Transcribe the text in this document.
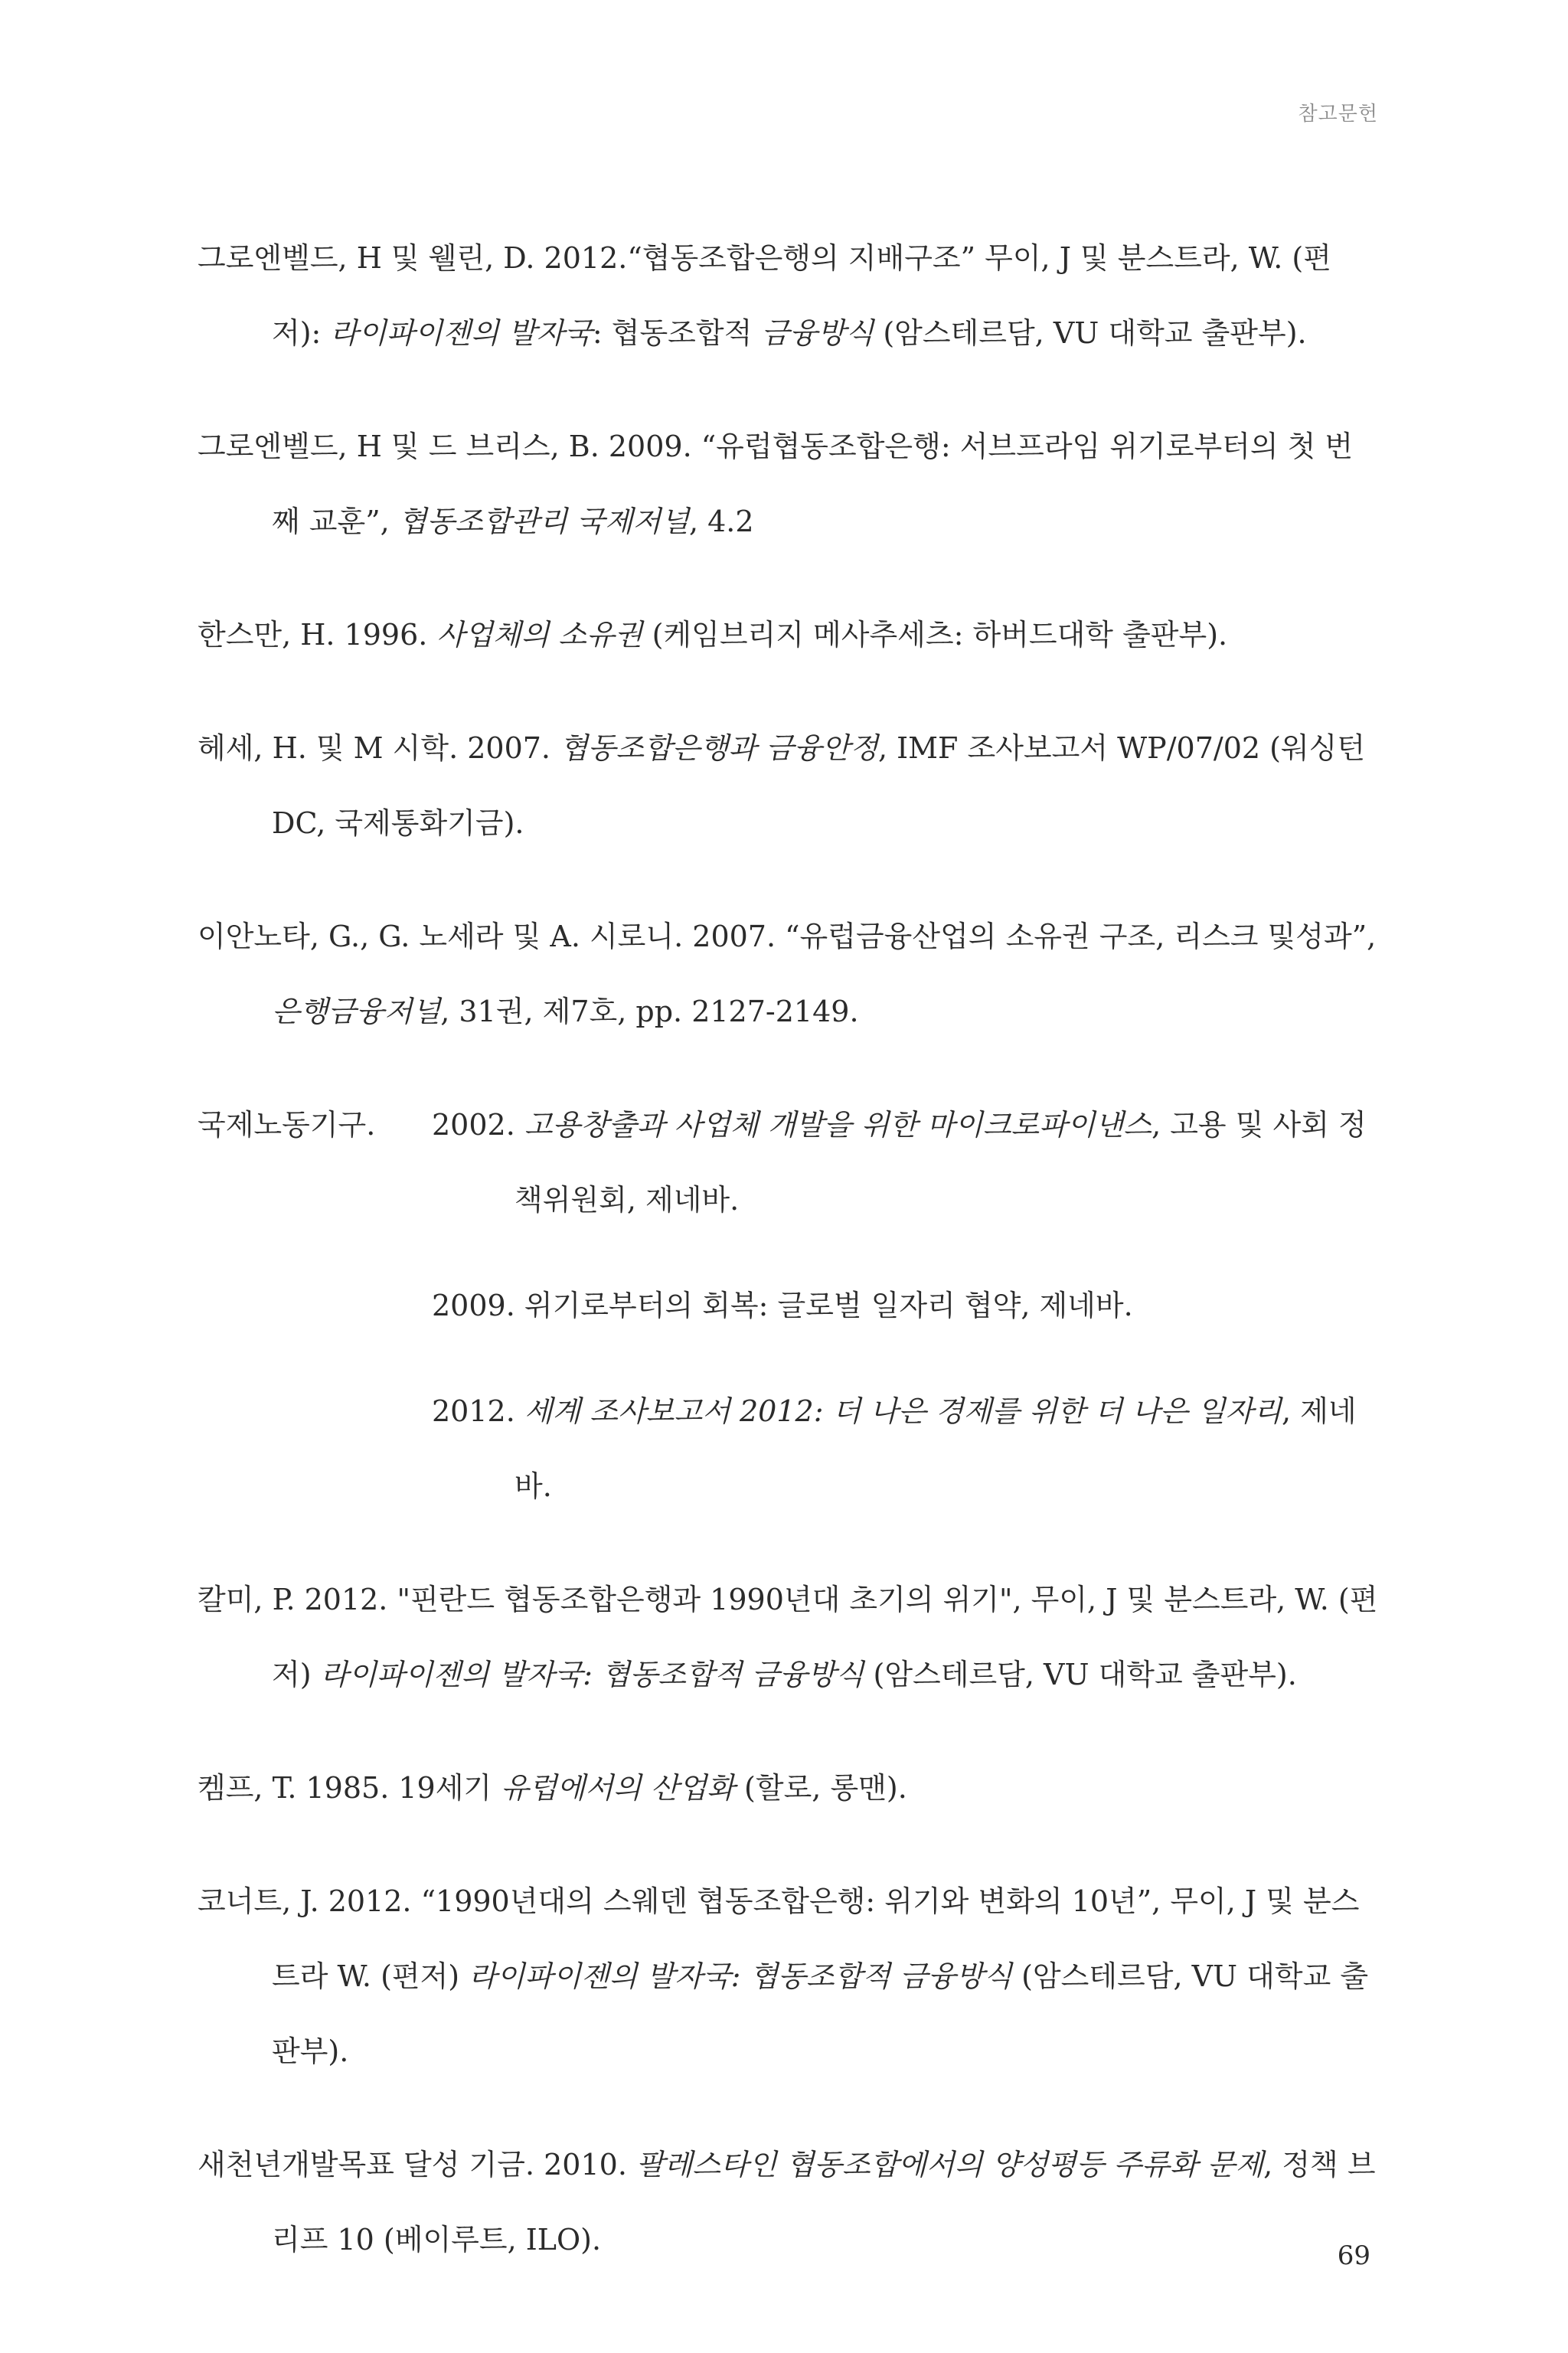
참고문헌

그로엔벨드, H 및 웰린, D. 2012.“협동조합은행의 지배구조” 무이, J 및 분스트라, W. (편저): 라이파이젠의 발자국: 협동조합적 금융방식 (암스테르담, VU 대학교 출판부).

그로엔벨드, H 및 드 브리스, B. 2009. “유럽협동조합은행: 서브프라임 위기로부터의 첫 번째 교훈”, 협동조합관리 국제저널, 4.2

한스만, H. 1996. 사업체의 소유권 (케임브리지 메사추세츠: 하버드대학 출판부).

헤세, H. 및 M 시학. 2007. 협동조합은행과 금융안정, IMF 조사보고서 WP/07/02 (워싱턴 DC, 국제통화기금).

이안노타, G., G. 노세라 및 A. 시로니. 2007. “유럽금융산업의 소유권 구조, 리스크 및성과”, 은행금융저널, 31권, 제7호, pp. 2127-2149.

국제노동기구. 2002. 고용창출과 사업체 개발을 위한 마이크로파이낸스, 고용 및 사회 정책위원회, 제네바.
2009. 위기로부터의 회복: 글로벌 일자리 협약, 제네바.
2012. 세계 조사보고서 2012: 더 나은 경제를 위한 더 나은 일자리, 제네바.

칼미, P. 2012. "핀란드 협동조합은행과 1990년대 초기의 위기", 무이, J 및 분스트라, W. (편저) 라이파이젠의 발자국: 협동조합적 금융방식 (암스테르담, VU 대학교 출판부).

켐프, T. 1985. 19세기 유럽에서의 산업화 (할로, 롱맨).

코너트, J. 2012. “1990년대의 스웨덴 협동조합은행: 위기와 변화의 10년”, 무이, J 및 분스트라 W. (편저) 라이파이젠의 발자국: 협동조합적 금융방식 (암스테르담, VU 대학교 출판부).

새천년개발목표 달성 기금. 2010. 팔레스타인 협동조합에서의 양성평등 주류화 문제, 정책 브리프 10 (베이루트, ILO).	69
